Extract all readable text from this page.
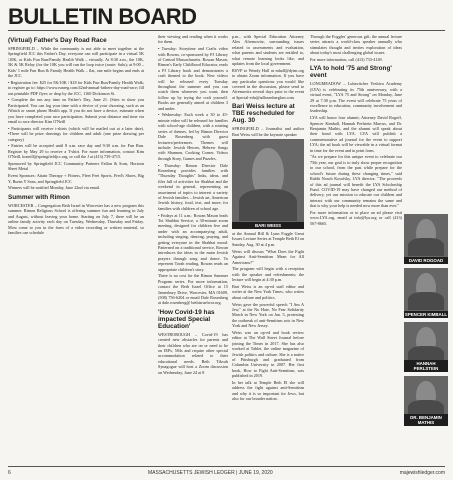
BULLETIN BOARD
(Virtual) Father's Day Road Race

SPRINGFIELD – While the community is not able to meet together at the Springfield JCC this Father's Day, everyone can still participate in a virtual 5K /10K, or Kids Fun Run/Family Health Walk – virtually. At 8:30 a.m., the 10K, 5K & 5K Relay (for the 10K you will run the loop twice (route: Sulu); at 9:00 – Kids' 1 mile Fun Run & Family Health Walk – flat, one mile begins and ends at the JCC.

• Registration fee: $25 for 5K/10K / $18 for Kids Fun Run/Family Health Walk; to register go to: https://www.runreg.com/42nd-annual-fathers-day-road-race; fill out printable PDF flyer; or drop by the JCC, 1160 Dickinson St.

• Complete the run any time on Father's Day, June 21. (Sites to show you Participated: You can log your time with a device of your choosing, such as an iWatch or smart phone Health app. If you do not have a device, estimate when you have completed your race participation. Submit your distance and time via email to race director Kim O'Neill

• Participants will receive t-shirts (which will be mailed out at a later date). •There will be prize drawings for children and adult (one prize drawing per category)

• Entries will be accepted until 8 a.m. race day and 9:30 a.m. for Fun Run. Register by May 29 to receive a T-shirt. For more information, contact Kim O'Neill, koneill@springfieldjcc.org, or call the J at (413) 739-4715.

Sponsored by Springfield JCC Community Partners Fallon & Sons, Horizon Sheet Metal

Event Sponsors: Attain Therapy + Fitness, Fleet Feet Sports, Fred's Shoes, Big Y, Burns Y Sons, and Springfield JCC

Winners will be notified Monday, June 22nd via email.

Summer with Rimon

WORCESTER – Congregation Beth Israel in Worcester has a new program this summer. Rimon Religious School is offering summer fun and learning in July and August, without leaving your home. Starting on July 7, there will be an online family activity each day on Tuesday, Wednesday, Thursday and Friday. Most come to you in the form of a video recording or written material, so families can schedule

their viewing and reading when it works for them.

• Tuesday: Storytime and Crafts video with Rowan, co-sponsored by PJ Library of Central Massachusetts. Rowan Mason, Rimon's Early Childhood Educator, reads a PJ Library book and demonstrates a craft themed to the book. New videos will be released every Tuesday throughout the summer and you can watch them whenever you want; then follow up by trying the craft yourself. Books are generally aimed at children 3 and under.

• Wednesday: Each week a 30 to 45-minute video will be released for families with school-age children, with a rotating series of themes, led by Rimon Director Dale Rosenberg with guest lecturers/performers. Themes will include: Jewish Heroes, Hebrew Songs with Shannon, Cooking Corner, Videos through Story, Games and Puzzles.

• Thursday: Rimon Director Dale Rosenberg provides families with "Thursday Thoughts" links, ideas, and files full of activities for Shabbat and the weekend in general, representing an assortment of topics to interest a variety of Jewish families – Jewish art, American Jewish history, food, text, and more; for families with children of school age.

• Fridays at 11 a.m.: Rowan Mason leads Tot Shabbat Service, a 30-minute zoom meeting, designed for children five and under with an accompanying adult, including singing, dancing, praying, and getting everyone in the Shabbat mood. Patterned on a traditional service, Rowan introduces the ideas in the main Jewish prayers through song and dance. To represent Torah reading, Rowan reads an appropriate children's story.

There is no cost for the Rimon Summer Program series. For more information, contact the Beth Israel Office at 15 Jamesbury Drive, Worcester, MA 01609, (508) 756-6204 or email Dale Rosenberg at dale.rosenberg@ bethisraelwor.org.

'How Covid-19 has impacted Special Education'

WESTBOROUGH – Covid-19 has created new obstacles for parents and their children who are on or need to be on IEPs, 504s and require other special accommodation related to their educational needs. Beth Tikvah Synagogue will host a Zoom discussion on Wednesday, June 24 at 8

Through the Foggles' generous gift, the annual lecture series attracts a world-class speaker annually who stimulates thought and invites exploration of ideas about today's most challenging global issues.

For more information, call (413) 733-4149.

LYA to hold '75 and Strong' event

LONGMEADOW – Lubavitcher Yeshiva Academy (LYA) is celebrating its 75th anniversary, with a virtual event, "LYA 75 and Strong" on Monday, June 29 at 7:30 p.m. The event will celebrate 75 years of excellence in education, community involvement and leadership.

LYA will honor four alumni; Attorney David Rogoff, Spencer Kimball, Hannah Perlstein Marcus, and Dr. Benjamin Mathis, and the alumni will speak about their bond with LYA. LYA will publish a commemorative ad journal for the event to support LYA; the ad book will be viewable in a virtual format in time for the event and in print form.

"As we prepare for this unique event to celebrate our 75th year, our goal is to truly show proper recognition to our school, from the past while prepare for the school's future during these changing times," said Rabbi Noach Kosofsky, LYA director. "The proceeds of this ad journal will benefit the LYA Scholarship Fund. COVID-19 may have changed our method of delivery, yet our mission to educate our children and interact with our community remains the same and that is why your help is needed now more than ever."

For more information or to place an ad please visit www.LYA.org, email at info@lya.org or call (413) 567-8665.

DAVID ROGOAD
SPENCER KIMBALL
HANNAH PERLSTEIN
DR. BENJAMIN MATHIS

p.m., with Special Education Attorney Alex Afremovitz, surrounding issues related to assessments and evaluation, what parents and students are entitled to, what remote learning looks like, and updates from the local government.

RSVP to Wendy Hall at mhall@dytm.org to obtain Zoom information. If you have any particular questions you would like covered in the discussion, please send to Afremovitz several days prior to the event at Special-edu@adlosenberglaw.com

Bari Weiss lecture at TBE rescheduled for Aug. 30

SPRINGFIELD – Journalist and author Bari Weiss will be the keynote speaker

BARI WEISS

at the Annual Bill & Lynn Foggle Great Issues Lecture Series at Temple Beth El on Sunday, Aug. 30 at 4 p.m.

Weiss will discuss "What Does the Fight Against Anti-Semitism Mean for All Americans?"

The program will begin with a reception with the speaker and refreshments; the lecture will begin at 4:30 p.m.

Bari Weiss is an op-ed staff editor and writer at the New York Times, who writes about culture and politics.

Weiss gave the powerful speech "I Am A Jew," at the No Hate, No Fear Solidarity March in New York on Jan. 5, protesting the outbreak of anti-Semitism acts in New York and New Jersey.

Weiss was an op-ed and book review editor at The Wall Street Journal before joining the Times in 2017. She has also worked at Tablet, the online magazine of Jewish politics and culture. She is a native of Pittsburgh and graduated from Columbia University in 2007. Her first book, How to Fight Anti-Semitism, was published in 2019.

In her talk at Temple Beth El she will address the fight against anti-Semitism and why it is so important for Jews, but also for our broader nation.

6	MASSACHUSETTS JEWISH LEDGER | JUNE 19, 2020	majewishledger.com
